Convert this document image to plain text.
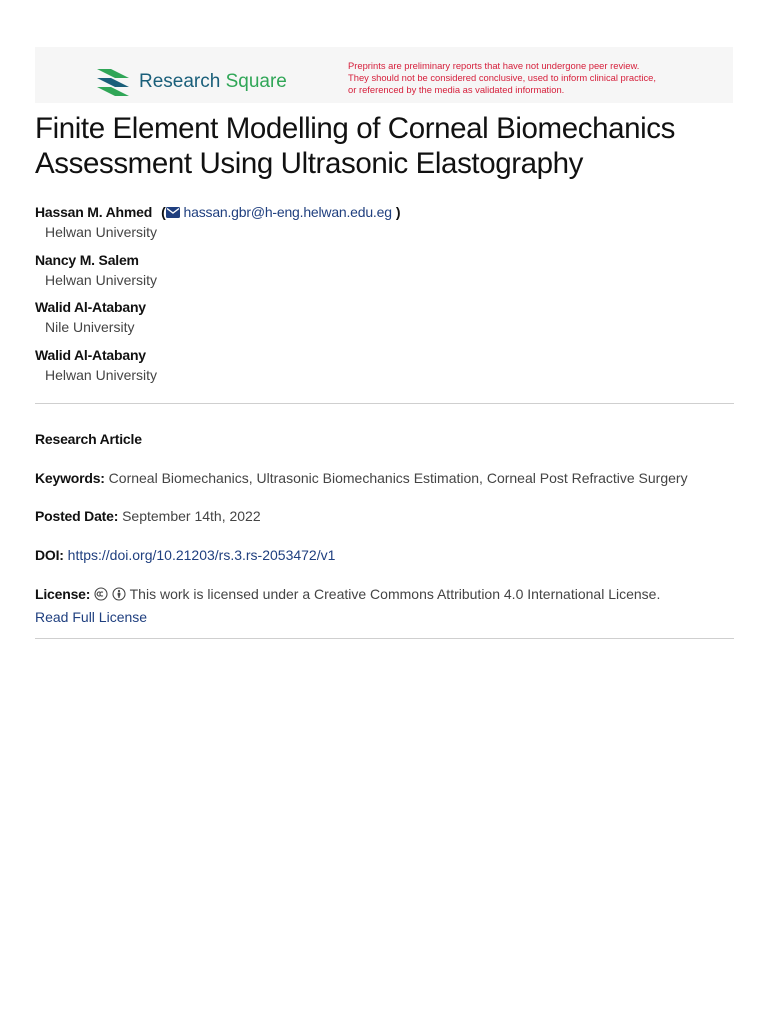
Research Square
Preprints are preliminary reports that have not undergone peer review.
They should not be considered conclusive, used to inform clinical practice,
or referenced by the media as validated information.
Finite Element Modelling of Corneal Biomechanics
Assessment Using Ultrasonic Elastography
Hassan M. Ahmed ( hassan.gbr@h-eng.helwan.edu.eg )
Helwan University
Nancy M. Salem
Helwan University
Walid Al-Atabany
Nile University
Walid Al-Atabany
Helwan University
Research Article
Keywords: Corneal Biomechanics, Ultrasonic Biomechanics Estimation, Corneal Post Refractive Surgery
Posted Date: September 14th, 2022
DOI: https://doi.org/10.21203/rs.3.rs-2053472/v1
License:	This work is licensed under a Creative Commons Attribution 4.0 International License.
Read Full License
